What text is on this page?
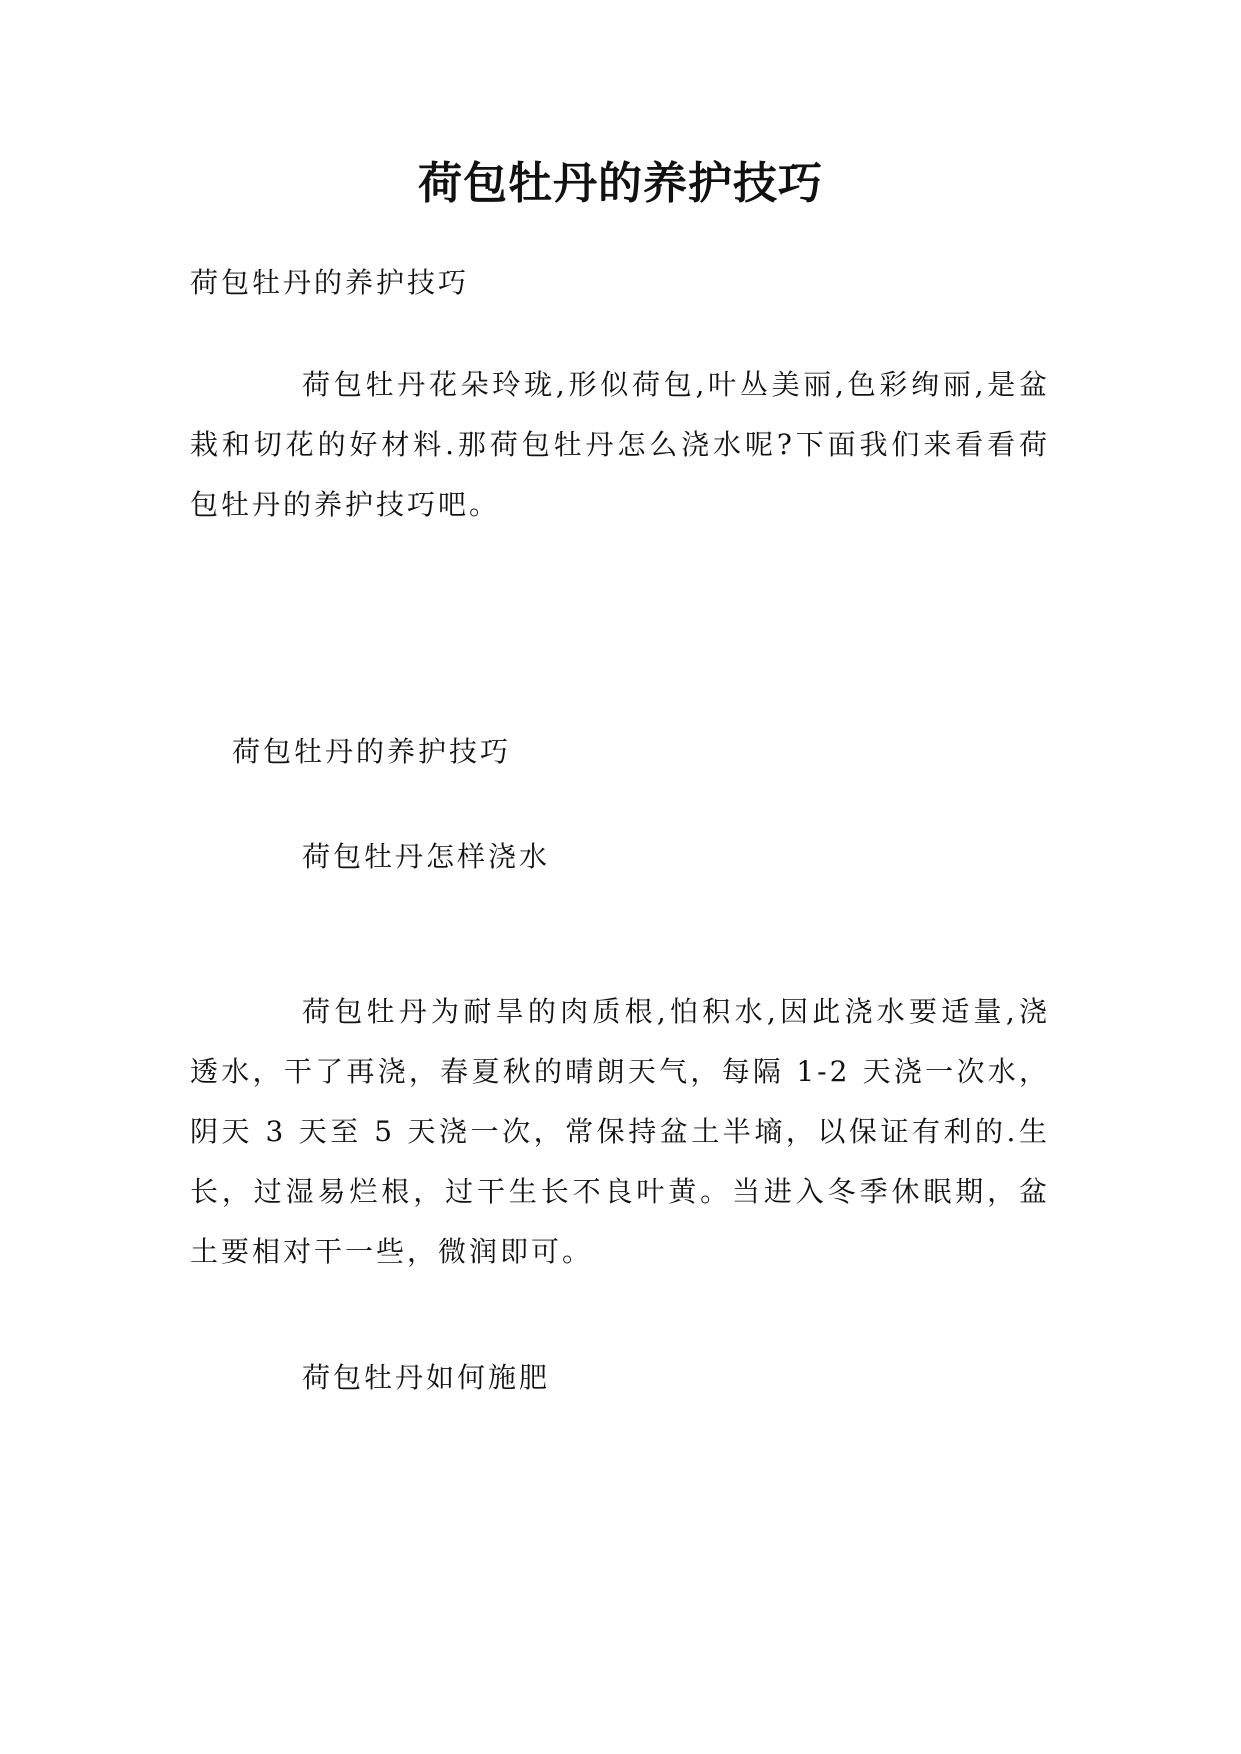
荷包牡丹的养护技巧

荷包牡丹的养护技巧

荷包牡丹花朵玲珑,形似荷包,叶丛美丽,色彩绚丽,是盆栽和切花的好材料.那荷包牡丹怎么浇水呢?下面我们来看看荷包牡丹的养护技巧吧。

荷包牡丹的养护技巧

荷包牡丹怎样浇水

荷包牡丹为耐旱的肉质根,怕积水,因此浇水要适量,浇透水，干了再浇，春夏秋的晴朗天气，每隔 1-2 天浇一次水，阴天 3 天至 5 天浇一次，常保持盆土半墒，以保证有利的.生长，过湿易烂根，过干生长不良叶黄。当进入冬季休眠期，盆土要相对干一些，微润即可。

荷包牡丹如何施肥
